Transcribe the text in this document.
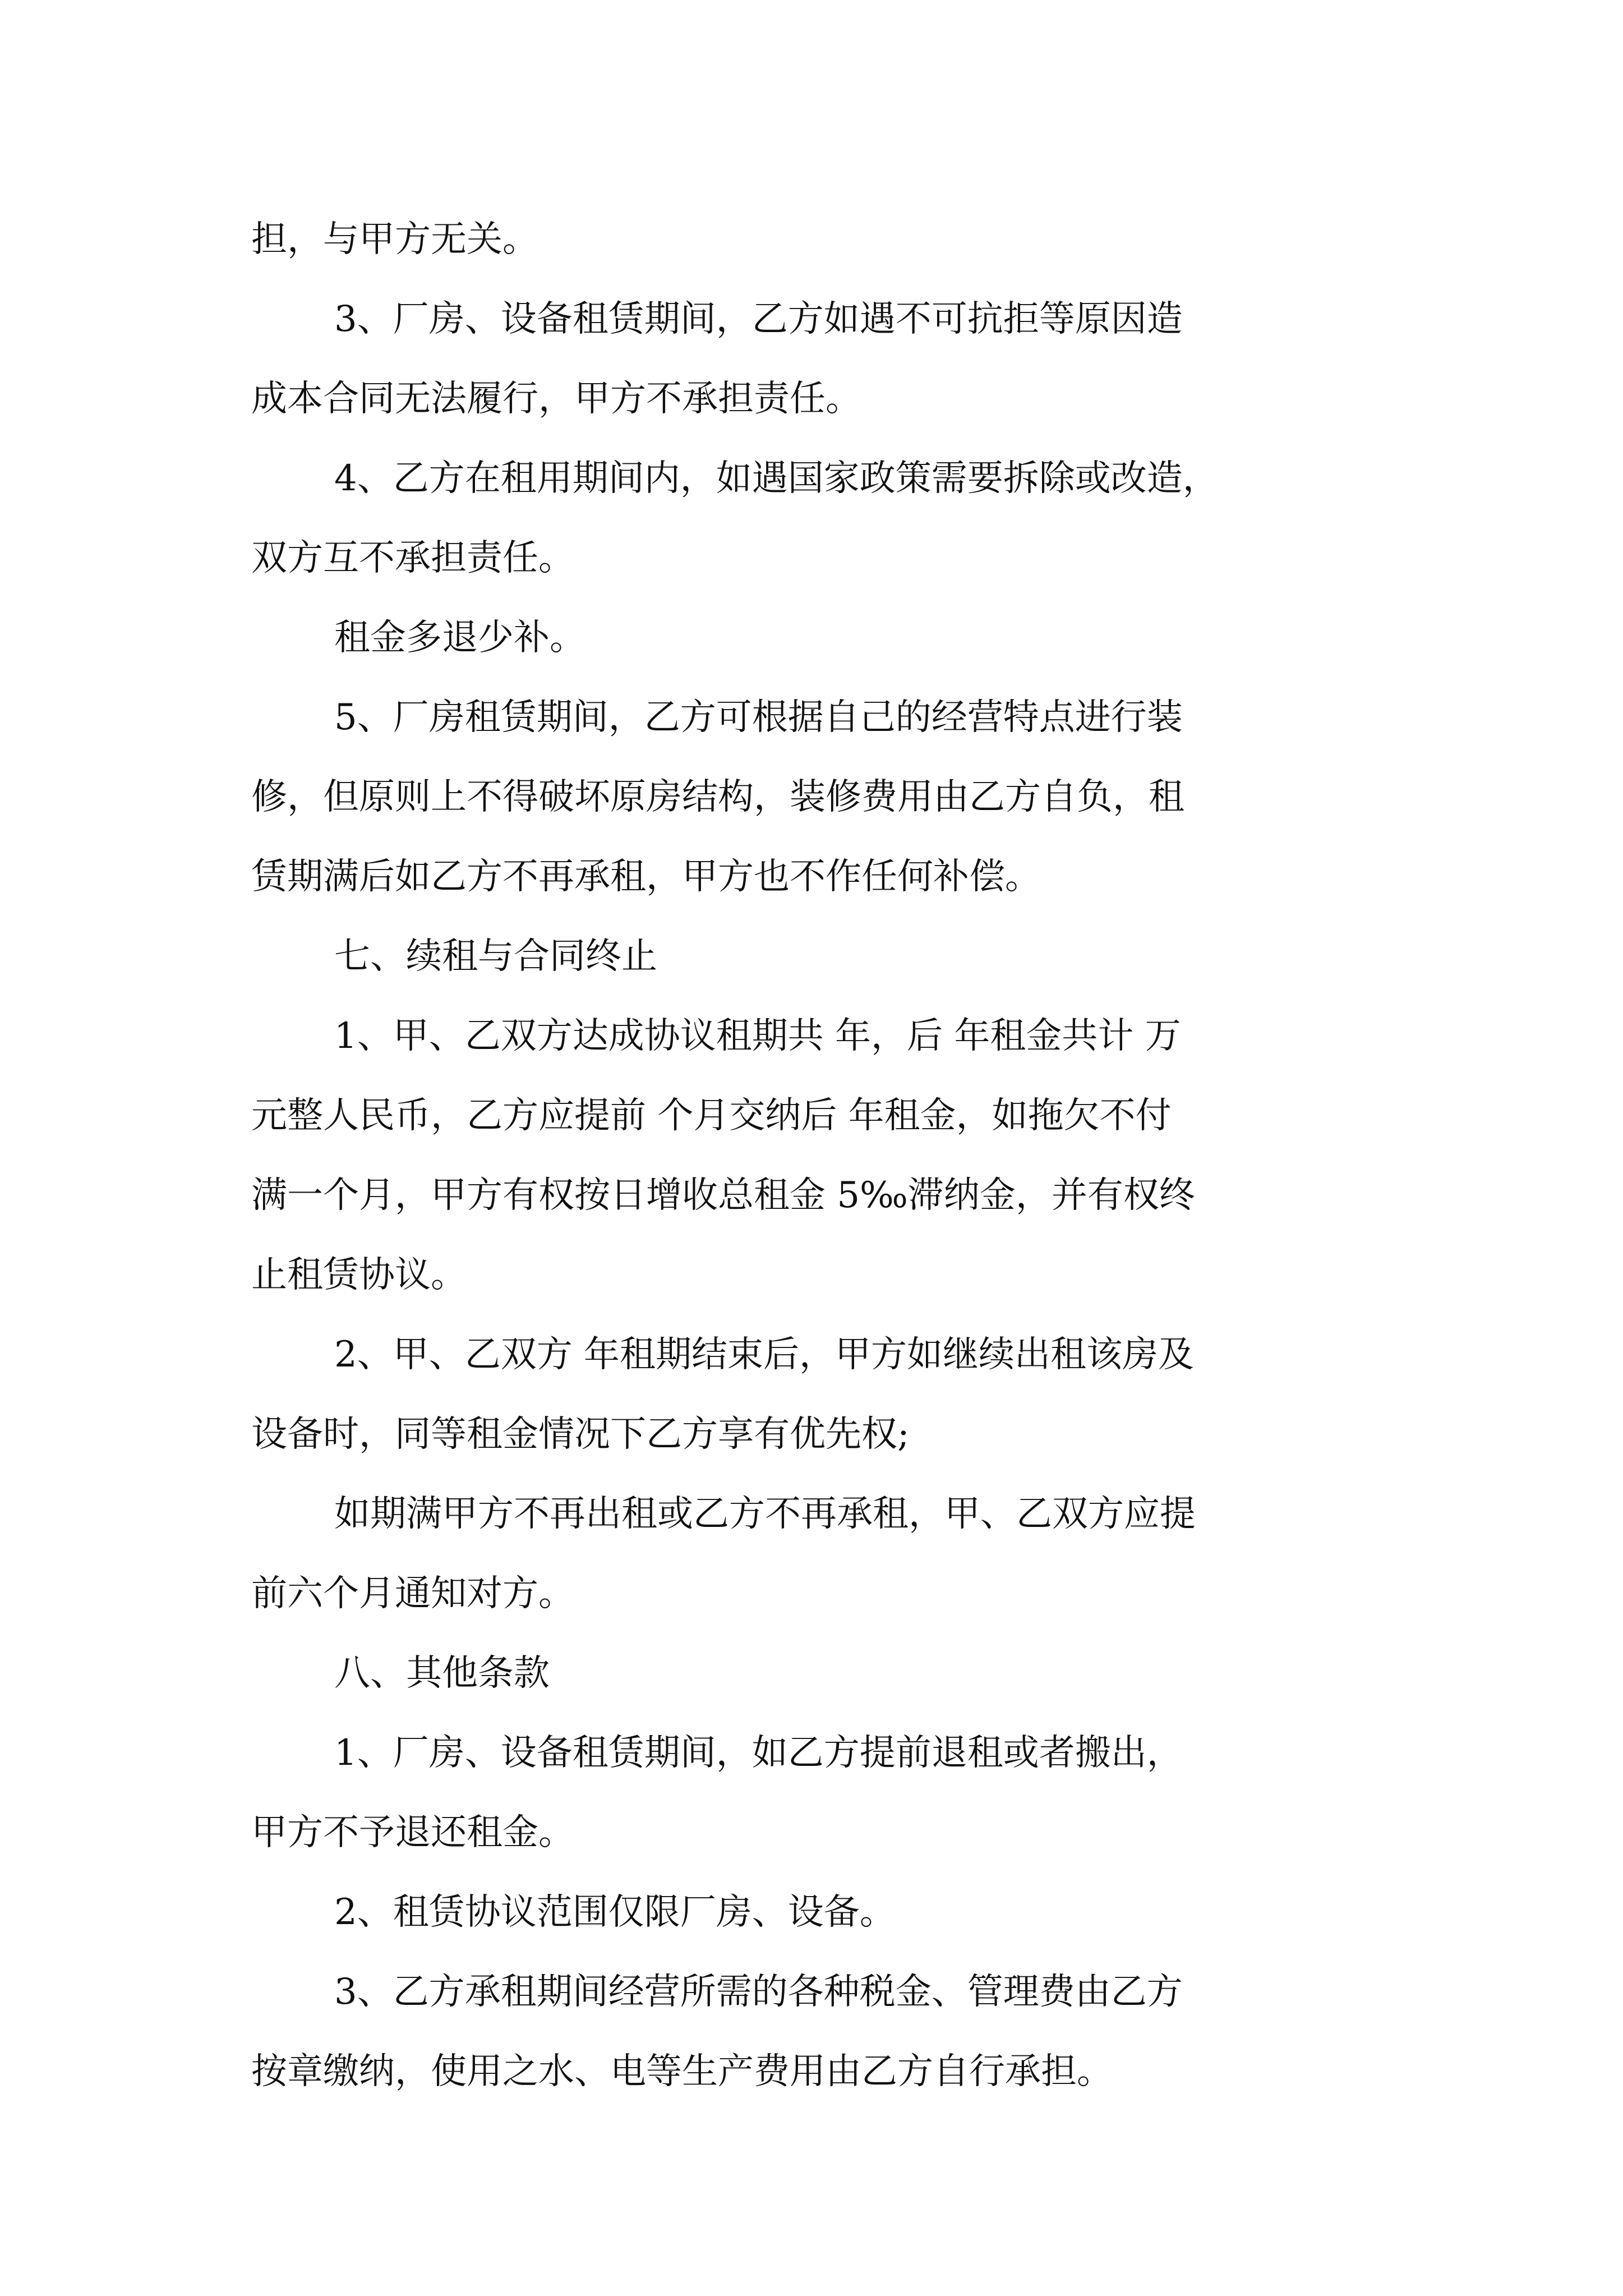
担，与甲方无关。

3、厂房、设备租赁期间，乙方如遇不可抗拒等原因造

成本合同无法履行，甲方不承担责任。

4、乙方在租用期间内，如遇国家政策需要拆除或改造，

双方互不承担责任。

租金多退少补。

5、厂房租赁期间，乙方可根据自己的经营特点进行装

修，但原则上不得破坏原房结构，装修费用由乙方自负，租

赁期满后如乙方不再承租，甲方也不作任何补偿。

七、续租与合同终止

1、甲、乙双方达成协议租期共 年，后 年租金共计 万

元整人民币，乙方应提前 个月交纳后 年租金，如拖欠不付

满一个月，甲方有权按日增收总租金 5‰滞纳金，并有权终

止租赁协议。

2、甲、乙双方 年租期结束后，甲方如继续出租该房及

设备时，同等租金情况下乙方享有优先权;

如期满甲方不再出租或乙方不再承租，甲、乙双方应提

前六个月通知对方。

八、其他条款

1、厂房、设备租赁期间，如乙方提前退租或者搬出，

甲方不予退还租金。

2、租赁协议范围仅限厂房、设备。

3、乙方承租期间经营所需的各种税金、管理费由乙方

按章缴纳，使用之水、电等生产费用由乙方自行承担。
